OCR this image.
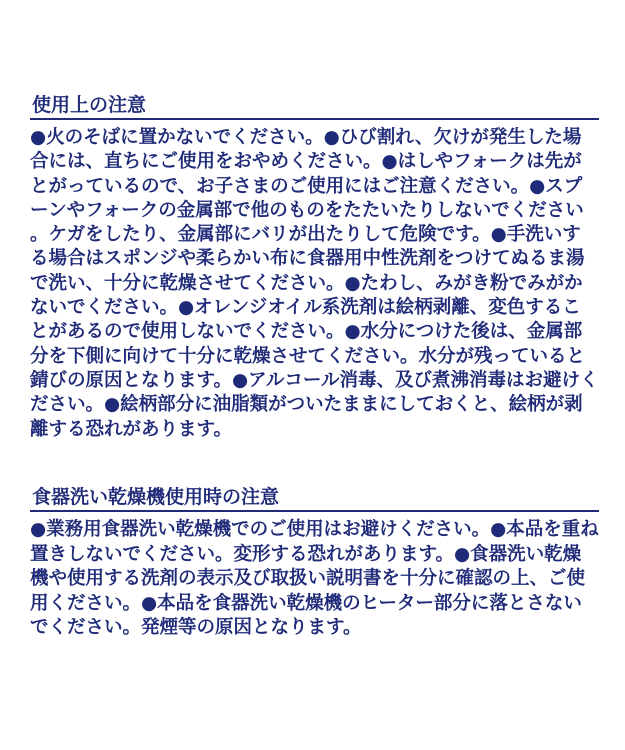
使用上の注意
●火のそばに置かないでください。●ひび割れ、欠けが発生した場合には、直ちにご使用をおやめください。●はしやフォークは先がとがっているので、お子さまのご使用にはご注意ください。●スプーンやフォークの金属部で他のものをたたいたりしないでください。ケガをしたり、金属部にバリが出たりして危険です。●手洗いする場合はスポンジや柔らかい布に食器用中性洗剤をつけてぬるま湯で洗い、十分に乾燥させてください。●たわし、みがき粉でみがかないでください。●オレンジオイル系洗剤は絵柄剥離、変色することがあるので使用しないでください。●水分につけた後は、金属部分を下側に向けて十分に乾燥させてください。水分が残っていると錆びの原因となります。●アルコール消毒、及び煮沸消毒はお避けください。●絵柄部分に油脂類がついたままにしておくと、絵柄が剥離する恐れがあります。
食器洗い乾燥機使用時の注意
●業務用食器洗い乾燥機でのご使用はお避けください。●本品を重ね置きしないでください。変形する恐れがあります。●食器洗い乾燥機や使用する洗剤の表示及び取扱い説明書を十分に確認の上、ご使用ください。●本品を食器洗い乾燥機のヒーター部分に落とさないでください。発煙等の原因となります。
